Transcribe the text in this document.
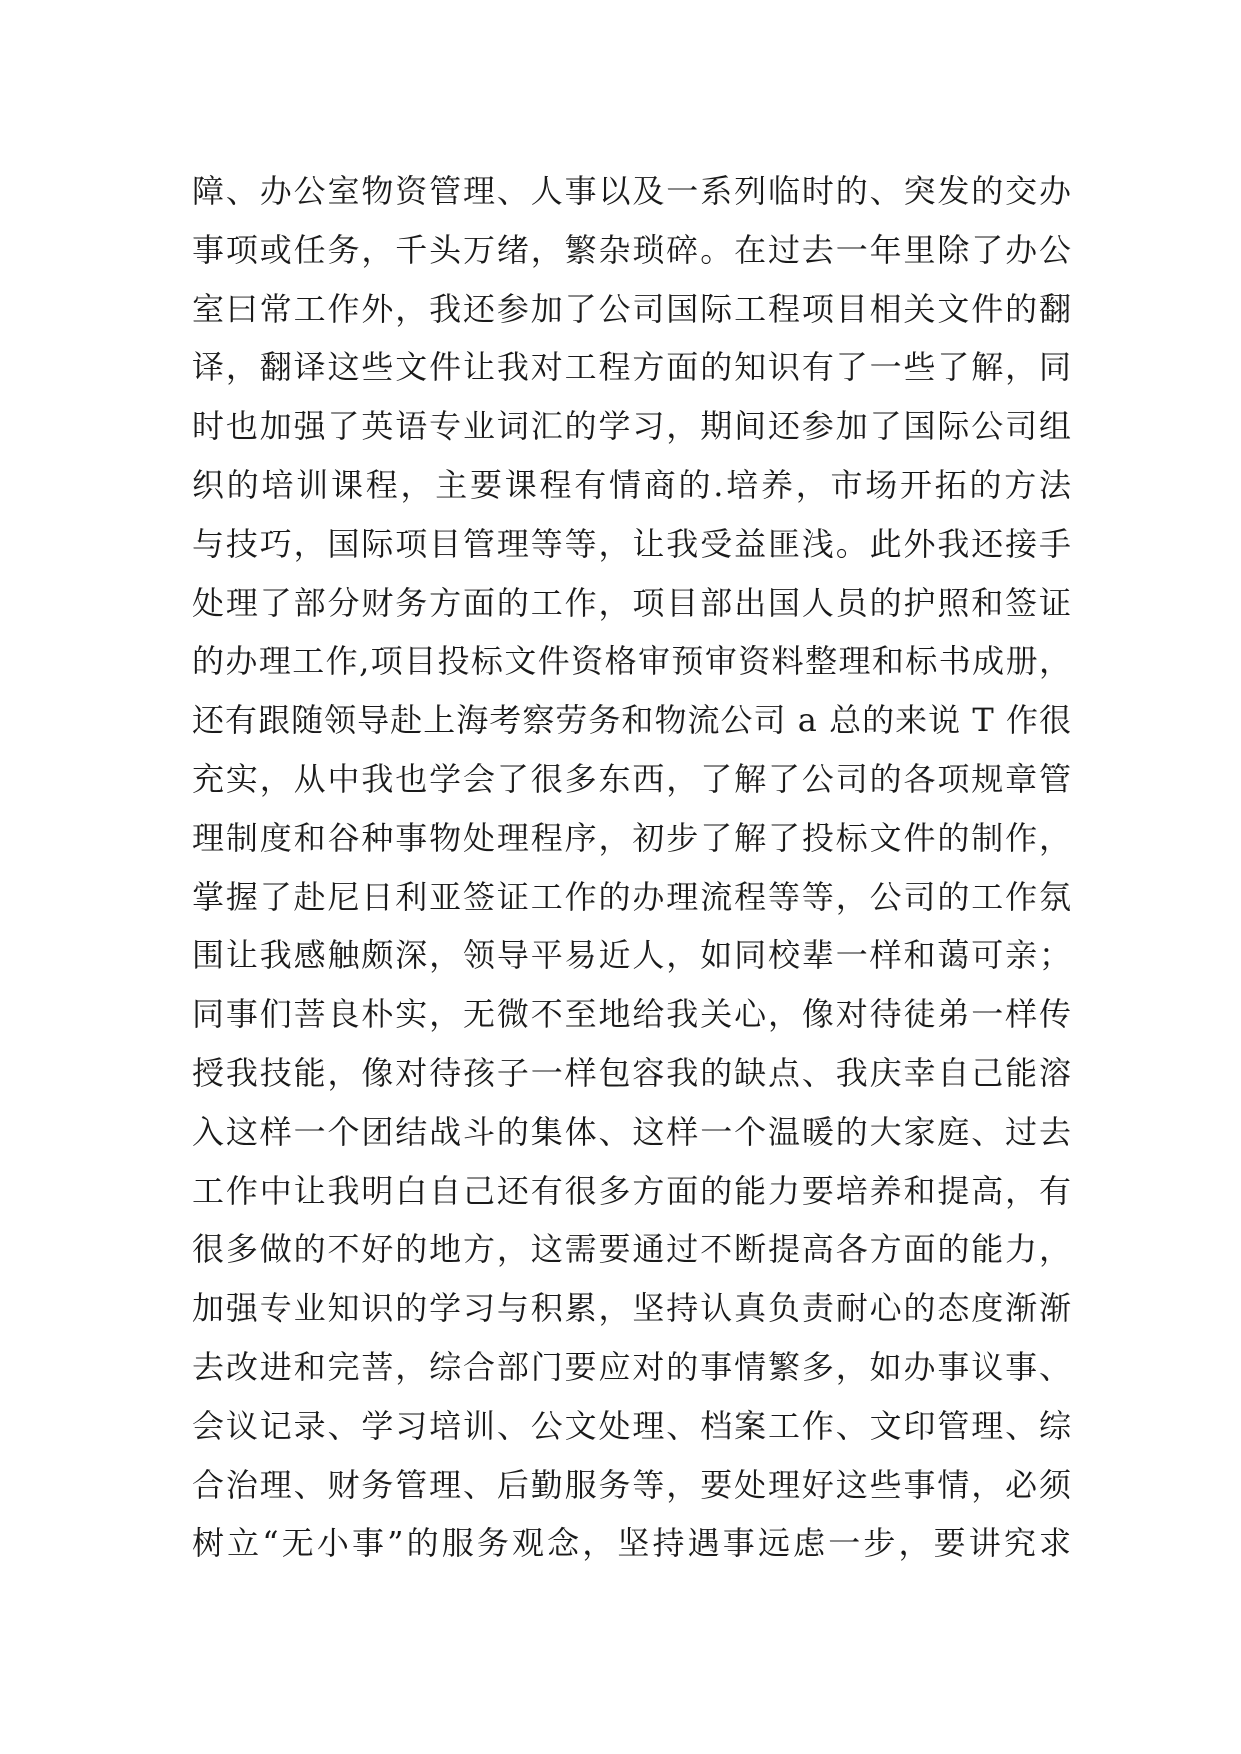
障、办公室物资管理、人事以及一系列临时的、突发的交办
事项或任务，千头万绪，繁杂琐碎。在过去一年里除了办公
室曰常工作外，我还参加了公司国际工程项目相关文件的翻
译，翻译这些文件让我对工程方面的知识有了一些了解，同
时也加强了英语专业词汇的学习，期间还参加了国际公司组
织的培训课程，主要课程有情商的.培养，市场开拓的方法
与技巧，国际项目管理等等，让我受益匪浅。此外我还接手
处理了部分财务方面的工作，项目部出国人员的护照和签证
的办理工作,项目投标文件资格审预审资料整理和标书成册，
还有跟随领导赴上海考察劳务和物流公司 a 总的来说 T 作很
充实，从中我也学会了很多东西，了解了公司的各项规章管
理制度和谷种事物处理程序，初步了解了投标文件的制作，
掌握了赴尼日利亚签证工作的办理流程等等，公司的工作氛
围让我感触颇深，领导平易近人，如同校辈一样和蔼可亲；
同事们菩良朴实，无微不至地给我关心，像对待徒弟一样传
授我技能，像对待孩子一样包容我的缺点、我庆幸自己能溶
入这样一个团结战斗的集体、这样一个温暖的大家庭、过去
工作中让我明白自己还有很多方面的能力要培养和提高，有
很多做的不好的地方，这需要通过不断提高各方面的能力，
加强专业知识的学习与积累，坚持认真负责耐心的态度渐渐
去改进和完菩，综合部门要应对的事情繁多，如办事议事、
会议记录、学习培训、公文处理、档案工作、文印管理、综
合治理、财务管理、后勤服务等，要处理好这些事情，必须
树立“无小事”的服务观念，坚持遇事远虑一步，要讲究求
